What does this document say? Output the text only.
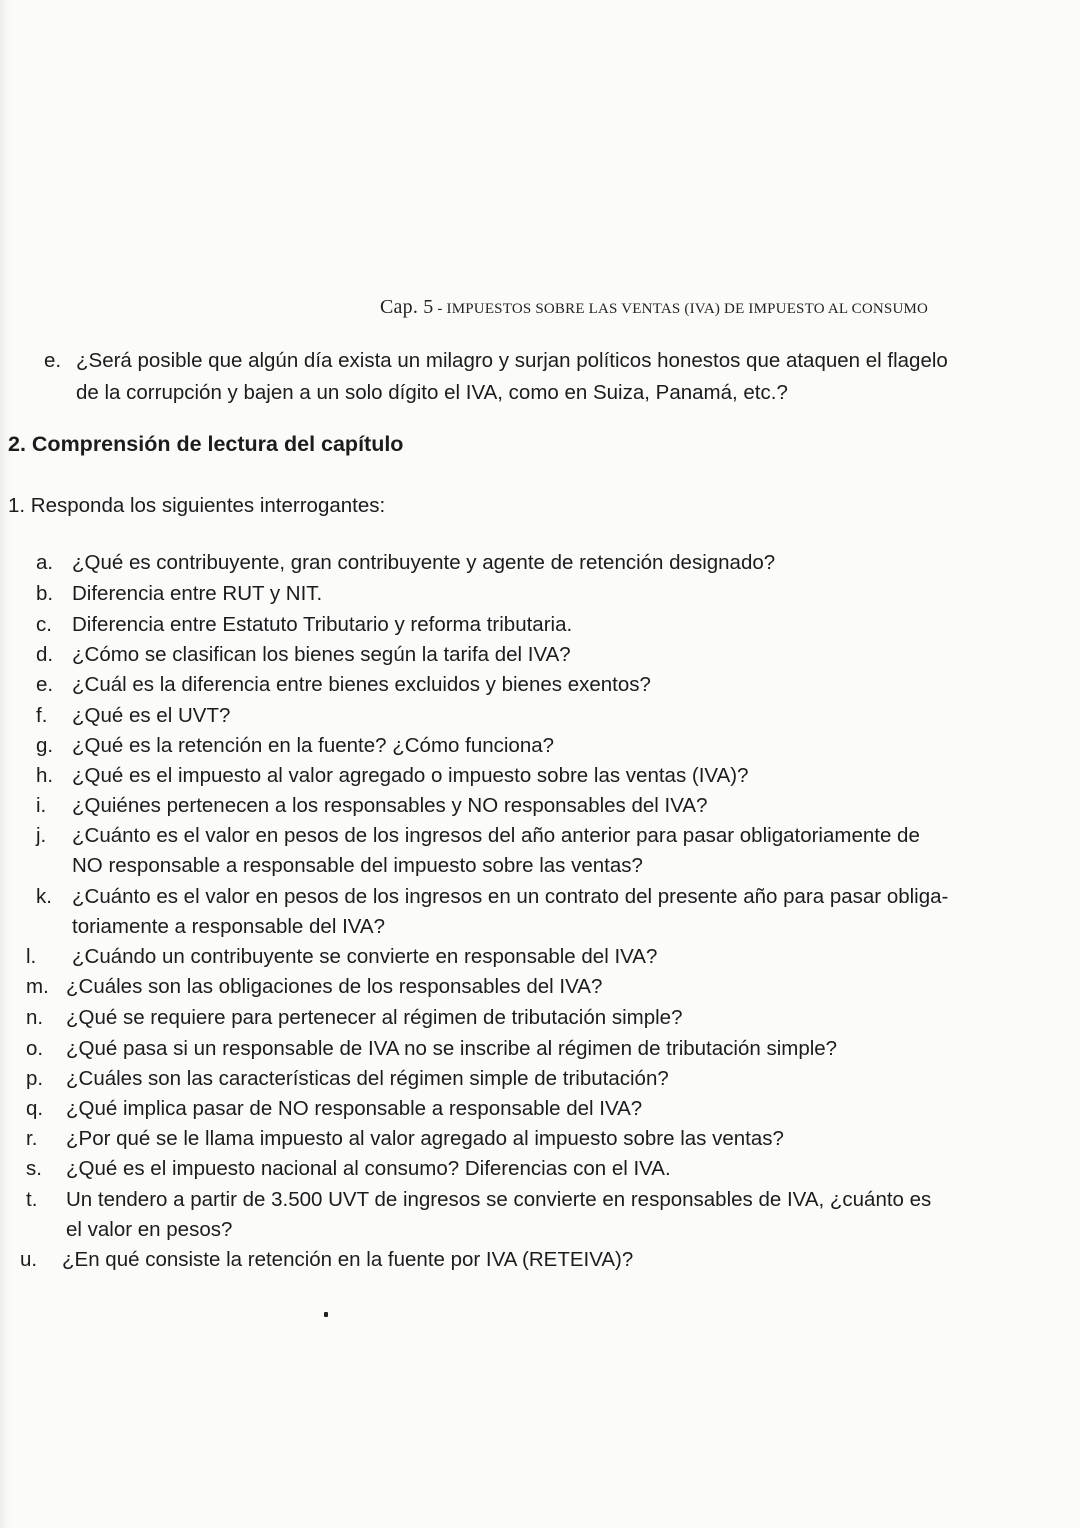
Cap. 5 - IMPUESTOS SOBRE LAS VENTAS (IVA) DE IMPUESTO AL CONSUMO
e. ¿Será posible que algún día exista un milagro y surjan políticos honestos que ataquen el flagelo
de la corrupción y bajen a un solo dígito el IVA, como en Suiza, Panamá, etc.?
2. Comprensión de lectura del capítulo
1. Responda los siguientes interrogantes:
a. ¿Qué es contribuyente, gran contribuyente y agente de retención designado?
b. Diferencia entre RUT y NIT.
c. Diferencia entre Estatuto Tributario y reforma tributaria.
d. ¿Cómo se clasifican los bienes según la tarifa del IVA?
e. ¿Cuál es la diferencia entre bienes excluidos y bienes exentos?
f. ¿Qué es el UVT?
g. ¿Qué es la retención en la fuente? ¿Cómo funciona?
h. ¿Qué es el impuesto al valor agregado o impuesto sobre las ventas (IVA)?
i. ¿Quiénes pertenecen a los responsables y NO responsables del IVA?
j. ¿Cuánto es el valor en pesos de los ingresos del año anterior para pasar obligatoriamente de
NO responsable a responsable del impuesto sobre las ventas?
k. ¿Cuánto es el valor en pesos de los ingresos en un contrato del presente año para pasar obliga-
toriamente a responsable del IVA?
l. ¿Cuándo un contribuyente se convierte en responsable del IVA?
m. ¿Cuáles son las obligaciones de los responsables del IVA?
n. ¿Qué se requiere para pertenecer al régimen de tributación simple?
o. ¿Qué pasa si un responsable de IVA no se inscribe al régimen de tributación simple?
p. ¿Cuáles son las características del régimen simple de tributación?
q. ¿Qué implica pasar de NO responsable a responsable del IVA?
r. ¿Por qué se le llama impuesto al valor agregado al impuesto sobre las ventas?
s. ¿Qué es el impuesto nacional al consumo? Diferencias con el IVA.
t. Un tendero a partir de 3.500 UVT de ingresos se convierte en responsables de IVA, ¿cuánto es
el valor en pesos?
u. ¿En qué consiste la retención en la fuente por IVA (RETEIVA)?
